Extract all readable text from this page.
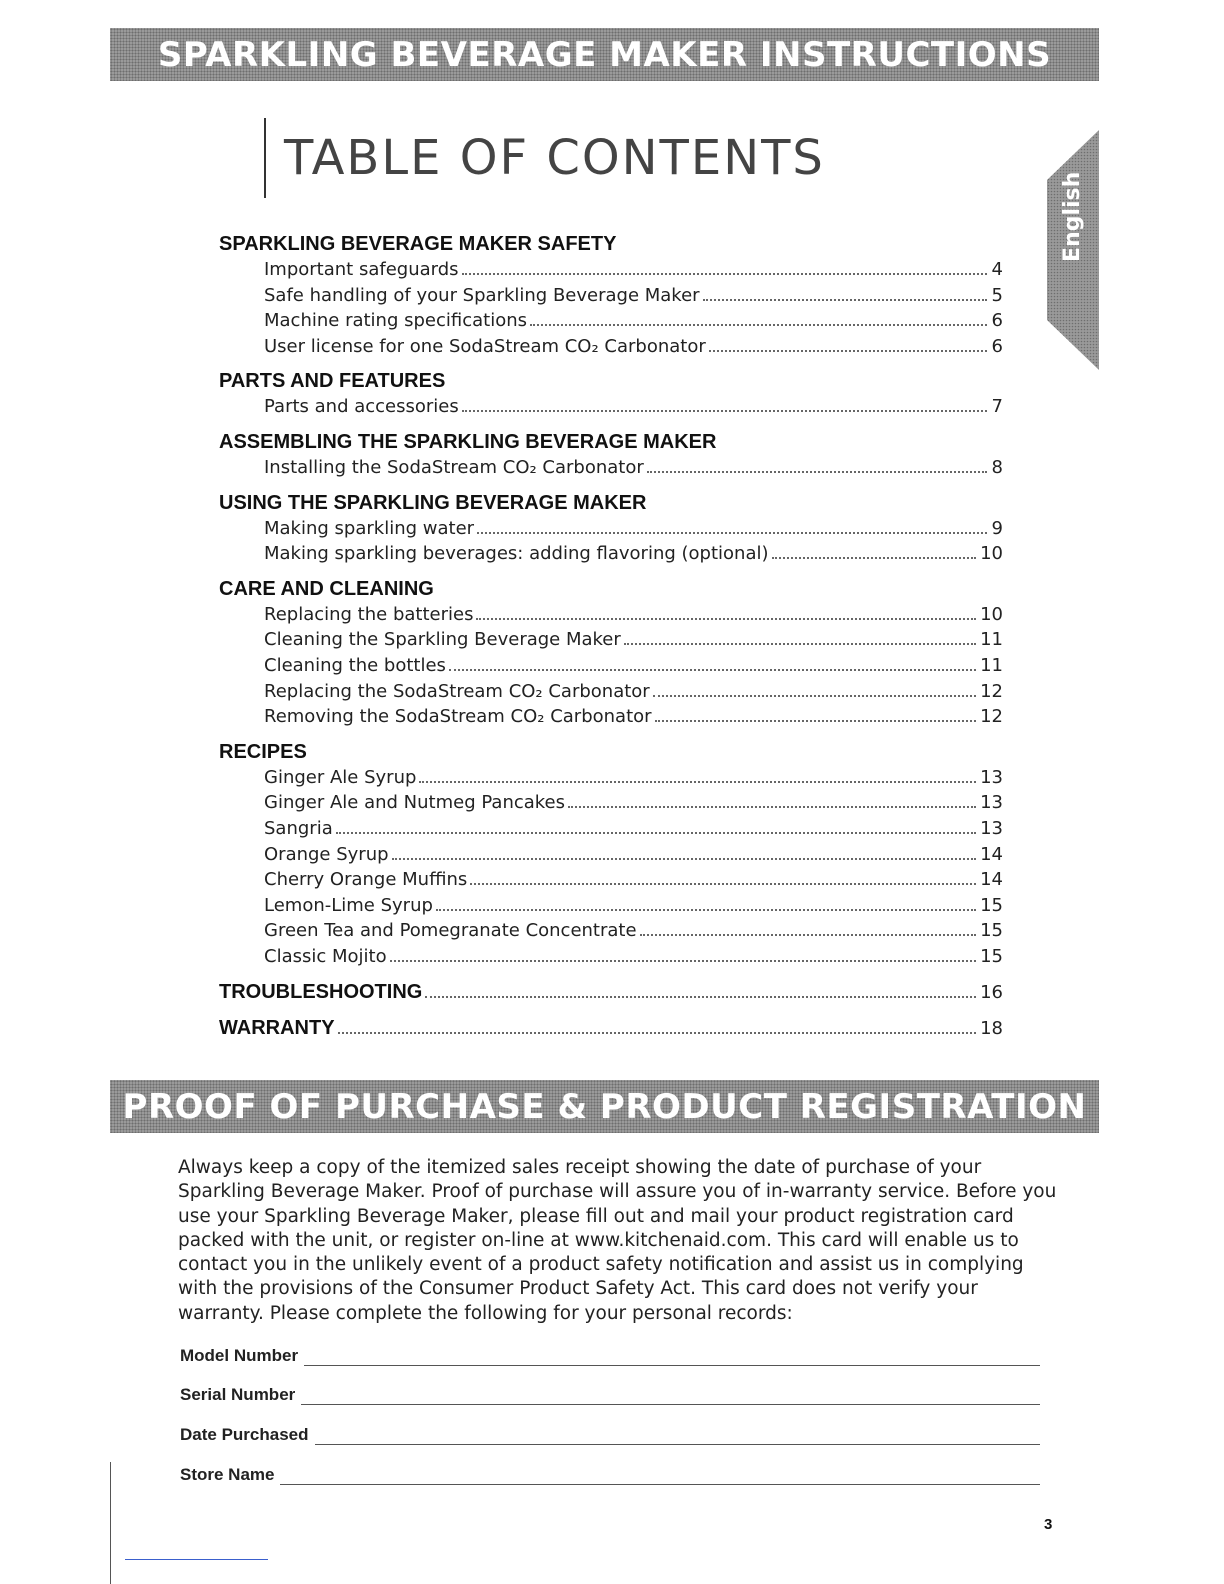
SPARKLING BEVERAGE MAKER INSTRUCTIONS
TABLE OF CONTENTS
English
SPARKLING BEVERAGE MAKER SAFETY
Important safeguards	4
Safe handling of your Sparkling Beverage Maker	5
Machine rating specifications	6
User license for one SodaStream CO₂ Carbonator	6
PARTS AND FEATURES
Parts and accessories	7
ASSEMBLING THE SPARKLING BEVERAGE MAKER
Installing the SodaStream CO₂ Carbonator	8
USING THE SPARKLING BEVERAGE MAKER
Making sparkling water	9
Making sparkling beverages: adding flavoring (optional)	10
CARE AND CLEANING
Replacing the batteries	10
Cleaning the Sparkling Beverage Maker	11
Cleaning the bottles	11
Replacing the SodaStream CO₂ Carbonator	12
Removing the SodaStream CO₂ Carbonator	12
RECIPES
Ginger Ale Syrup	13
Ginger Ale and Nutmeg Pancakes	13
Sangria	13
Orange Syrup	14
Cherry Orange Muffins	14
Lemon-Lime Syrup	15
Green Tea and Pomegranate Concentrate	15
Classic Mojito	15
TROUBLESHOOTING	16
WARRANTY	18
PROOF OF PURCHASE & PRODUCT REGISTRATION
Always keep a copy of the itemized sales receipt showing the date of purchase of your Sparkling Beverage Maker. Proof of purchase will assure you of in-warranty service. Before you use your Sparkling Beverage Maker, please fill out and mail your product registration card packed with the unit, or register on-line at www.kitchenaid.com. This card will enable us to contact you in the unlikely event of a product safety notification and assist us in complying with the provisions of the Consumer Product Safety Act. This card does not verify your warranty. Please complete the following for your personal records:
Model Number
Serial Number
Date Purchased
Store Name
3
